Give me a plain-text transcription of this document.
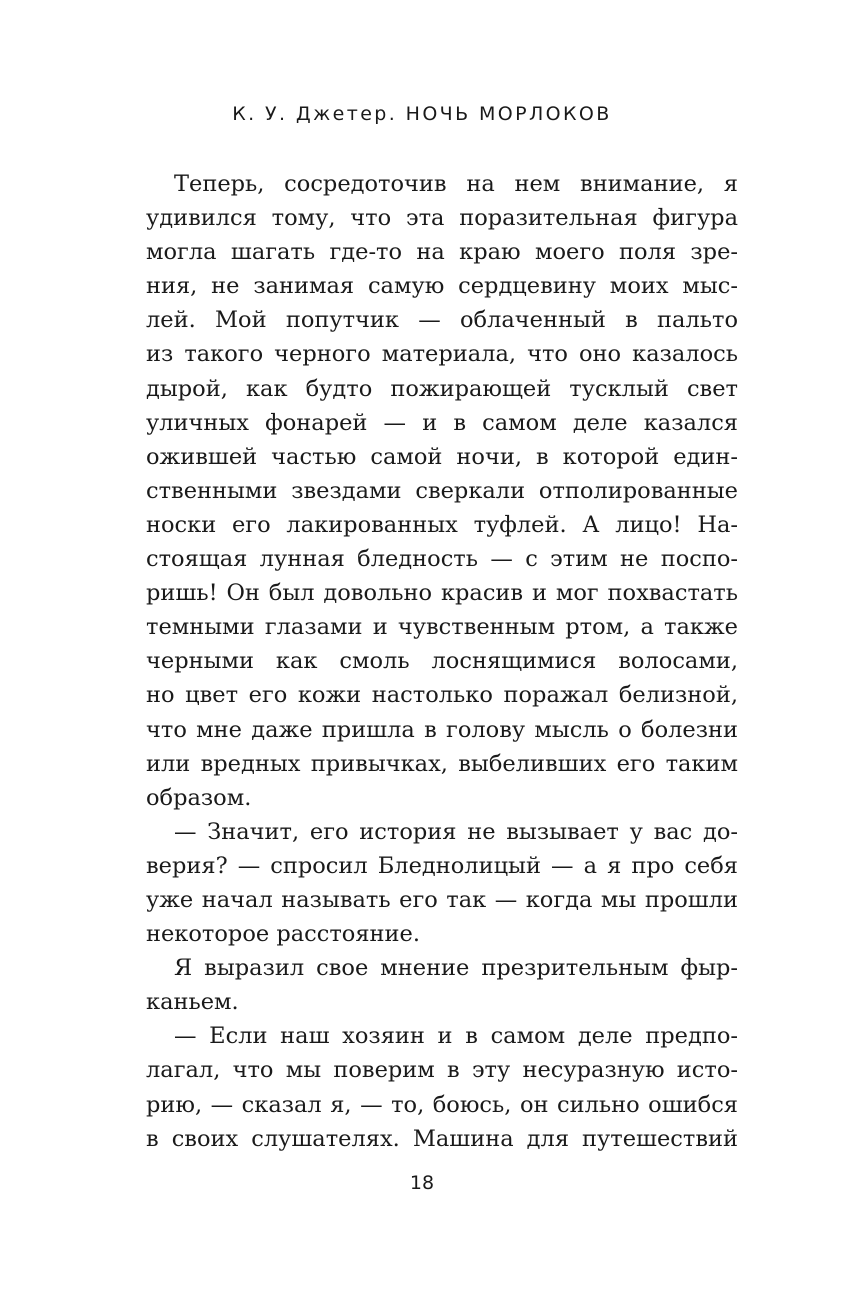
К. У. Джетер. НОЧЬ МОРЛОКОВ
Теперь, сосредоточив на нем внимание, я
удивился тому, что эта поразительная фигура
могла шагать где-то на краю моего поля зре-
ния, не занимая самую сердцевину моих мыс-
лей. Мой попутчик — облаченный в пальто
из такого черного материала, что оно казалось
дырой, как будто пожирающей тусклый свет
уличных фонарей — и в самом деле казался
ожившей частью самой ночи, в которой един-
ственными звездами сверкали отполированные
носки его лакированных туфлей. А лицо! На-
стоящая лунная бледность — с этим не поспо-
ришь! Он был довольно красив и мог похвастать
темными глазами и чувственным ртом, а также
черными как смоль лоснящимися волосами,
но цвет его кожи настолько поражал белизной,
что мне даже пришла в голову мысль о болезни
или вредных привычках, выбеливших его таким
образом.
— Значит, его история не вызывает у вас до-
верия? — спросил Бледнолицый — а я про себя
уже начал называть его так — когда мы прошли
некоторое расстояние.
Я выразил свое мнение презрительным фыр-
каньем.
— Если наш хозяин и в самом деле предпо-
лагал, что мы поверим в эту несуразную исто-
рию, — сказал я, — то, боюсь, он сильно ошибся
в своих слушателях. Машина для путешествий
18
